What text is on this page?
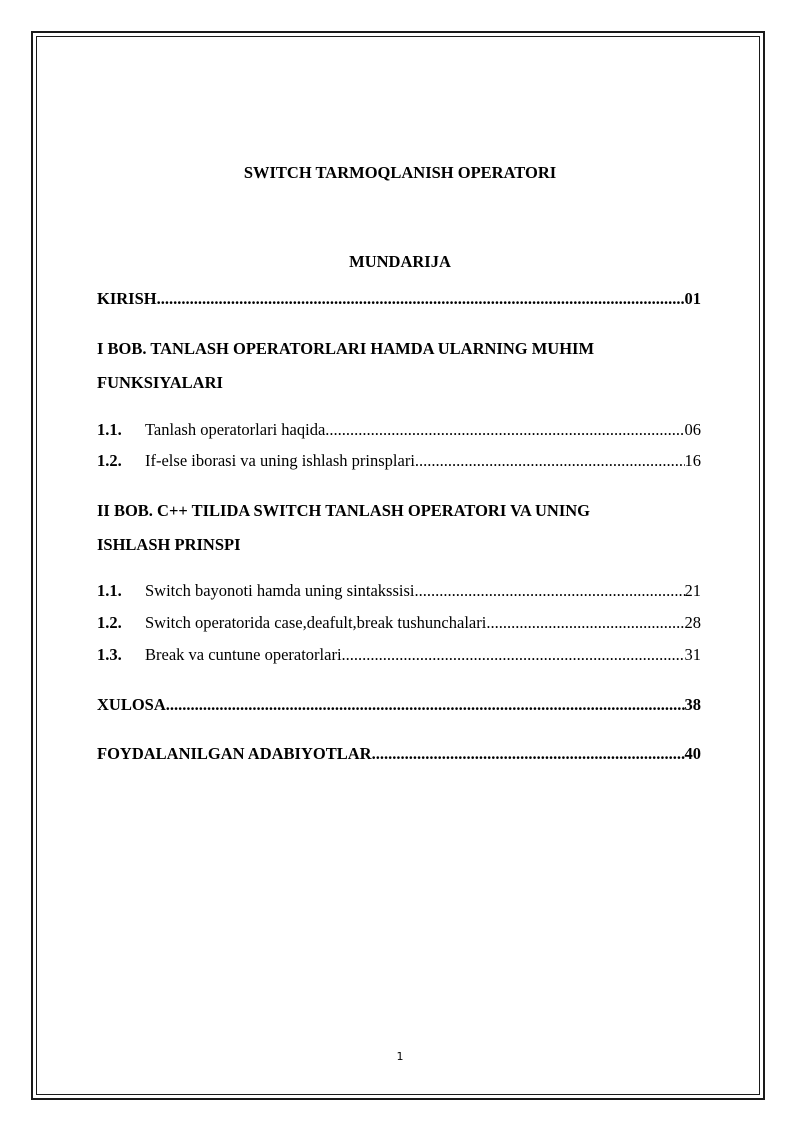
SWITCH TARMOQLANISH OPERATORI
MUNDARIJA
KIRISH .....	01
I BOB. TANLASH OPERATORLARI HAMDA ULARNING MUHIM
FUNKSIYALARI
1.1.	Tanlash operatorlari haqida .....	06
1.2.	If-else iborasi va uning ishlash prinsplari .....	16
II BOB. C++ TILIDA SWITCH TANLASH OPERATORI VA UNING
ISHLASH PRINSPI
1.1.	Switch bayonoti hamda uning sintakssisi .....	21
1.2.	Switch operatorida case,deafult,break tushunchalari .....	28
1.3.	Break va cuntune operatorlari .....	31
XULOSA .....	38
FOYDALANILGAN ADABIYOTLAR .....	40
1
